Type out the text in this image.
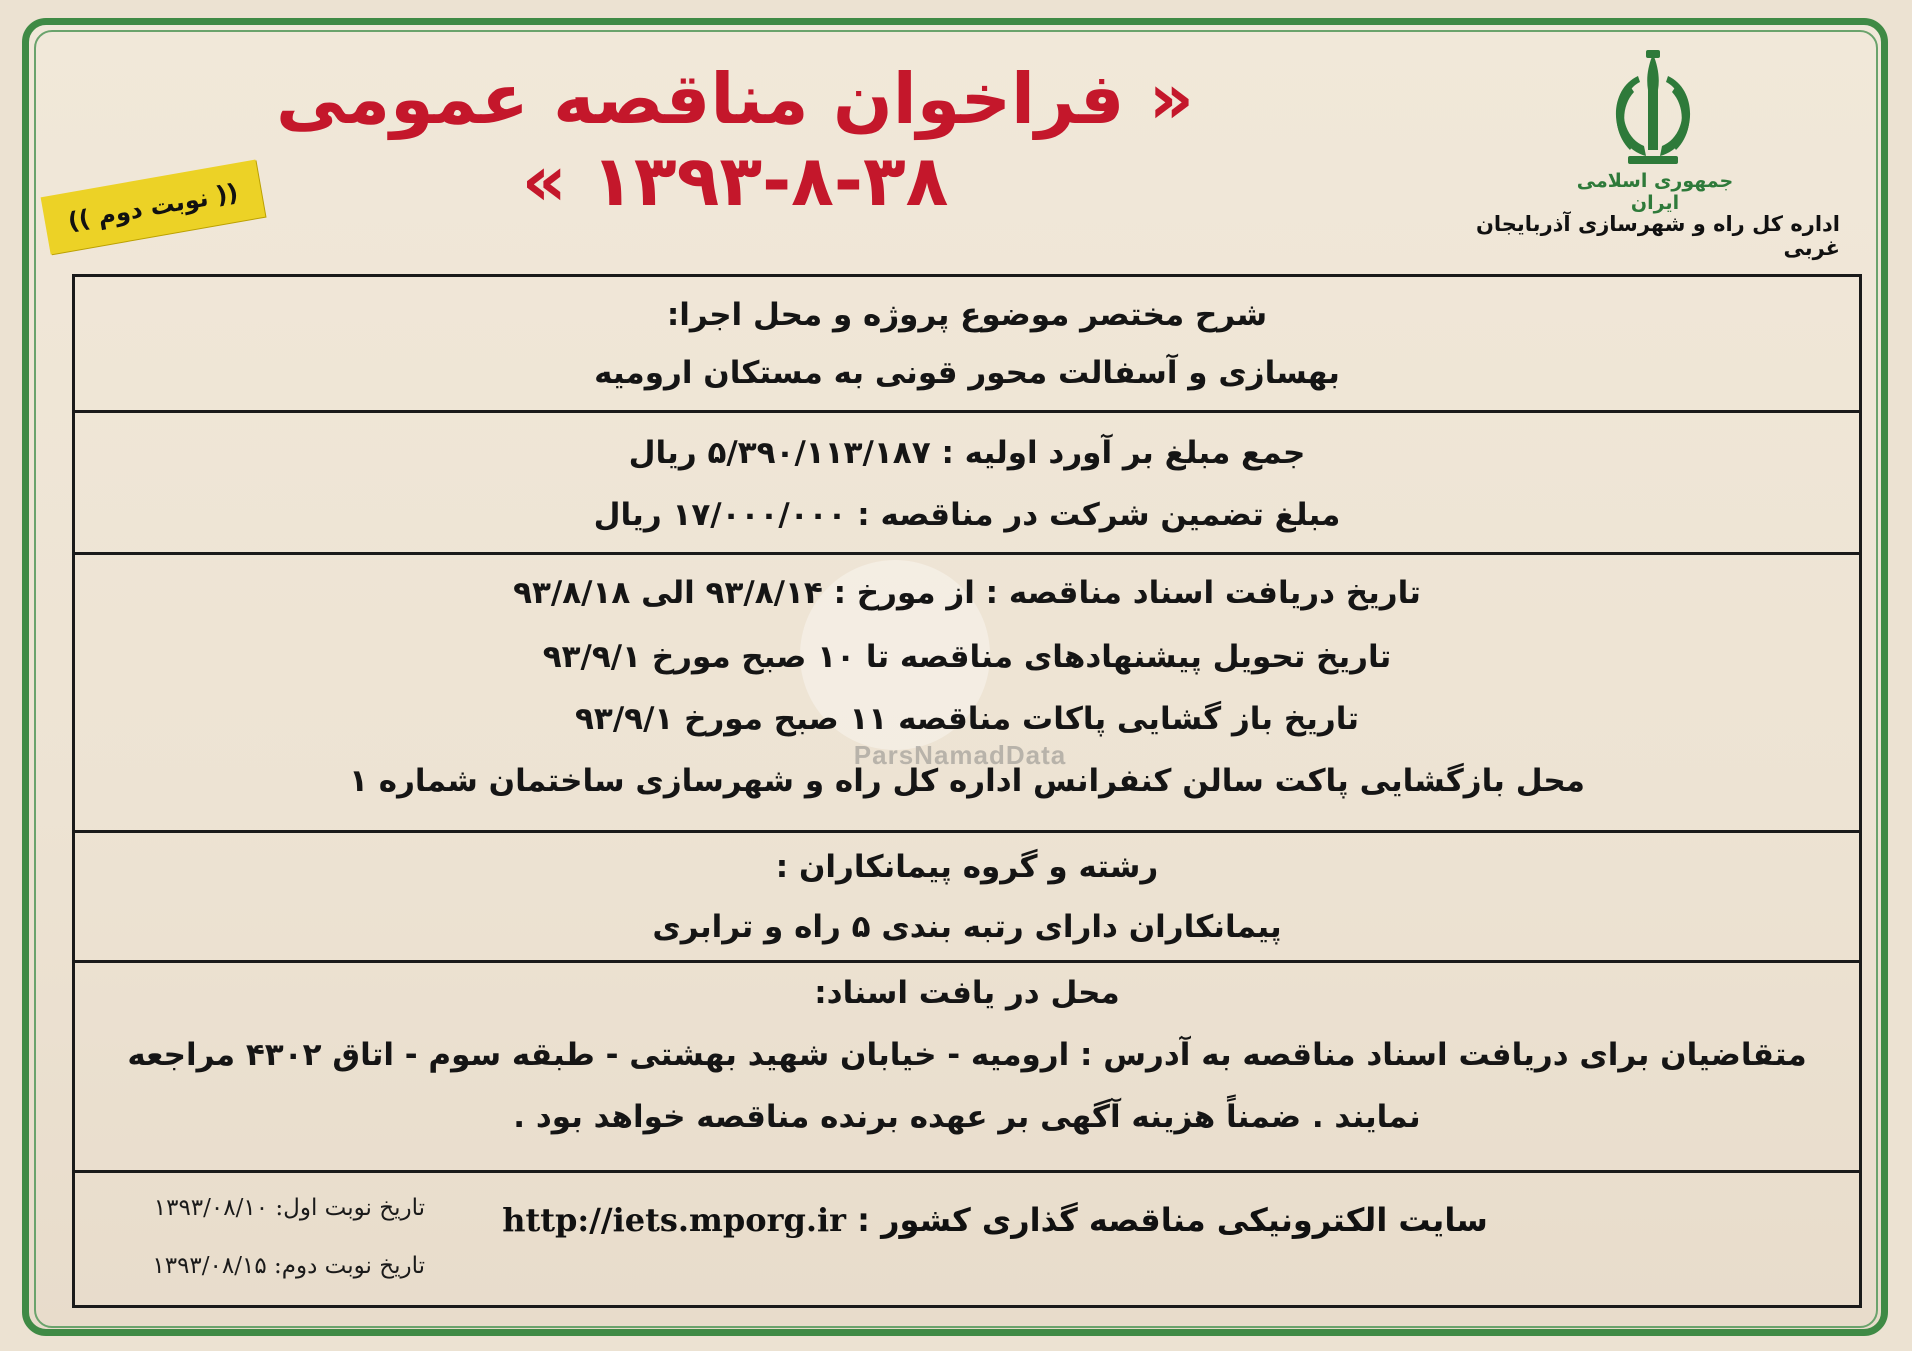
« فراخوان مناقصه عمومی ۳۸-۸-۱۳۹۳ »
(( نوبت دوم ))	جمهوری اسلامی ایران
اداره کل راه و شهرسازی آذربایجان غربی
شرح مختصر موضوع پروژه و محل اجرا:
بهسازی و آسفالت محور قونی به مستکان ارومیه
جمع مبلغ بر آورد اولیه : ۵/۳۹۰/۱۱۳/۱۸۷ ریال
مبلغ تضمین شرکت در مناقصه : ۱۷/۰۰۰/۰۰۰ ریال
تاریخ دریافت اسناد مناقصه : از مورخ : ۹۳/۸/۱۴ الی ۹۳/۸/۱۸
تاریخ تحویل پیشنهادهای مناقصه تا ۱۰ صبح مورخ ۹۳/۹/۱
تاریخ باز گشایی پاکات مناقصه ۱۱ صبح مورخ ۹۳/۹/۱
محل بازگشایی پاکت سالن کنفرانس اداره کل راه و شهرسازی ساختمان شماره ۱
رشته و گروه پیمانکاران :
پیمانکاران دارای رتبه بندی ۵ راه و ترابری
محل در یافت اسناد:
متقاضیان برای دریافت اسناد مناقصه به آدرس : ارومیه - خیابان شهید بهشتی - طبقه سوم - اتاق ۴۳۰۲ مراجعه
نمایند . ضمناً هزینه آگهی بر عهده برنده مناقصه خواهد بود .
سایت الکترونیکی مناقصه گذاری کشور : http://iets.mporg.ir
تاریخ نوبت اول: ۱۳۹۳/۰۸/۱۰
تاریخ نوبت دوم: ۱۳۹۳/۰۸/۱۵
ParsNamadData
